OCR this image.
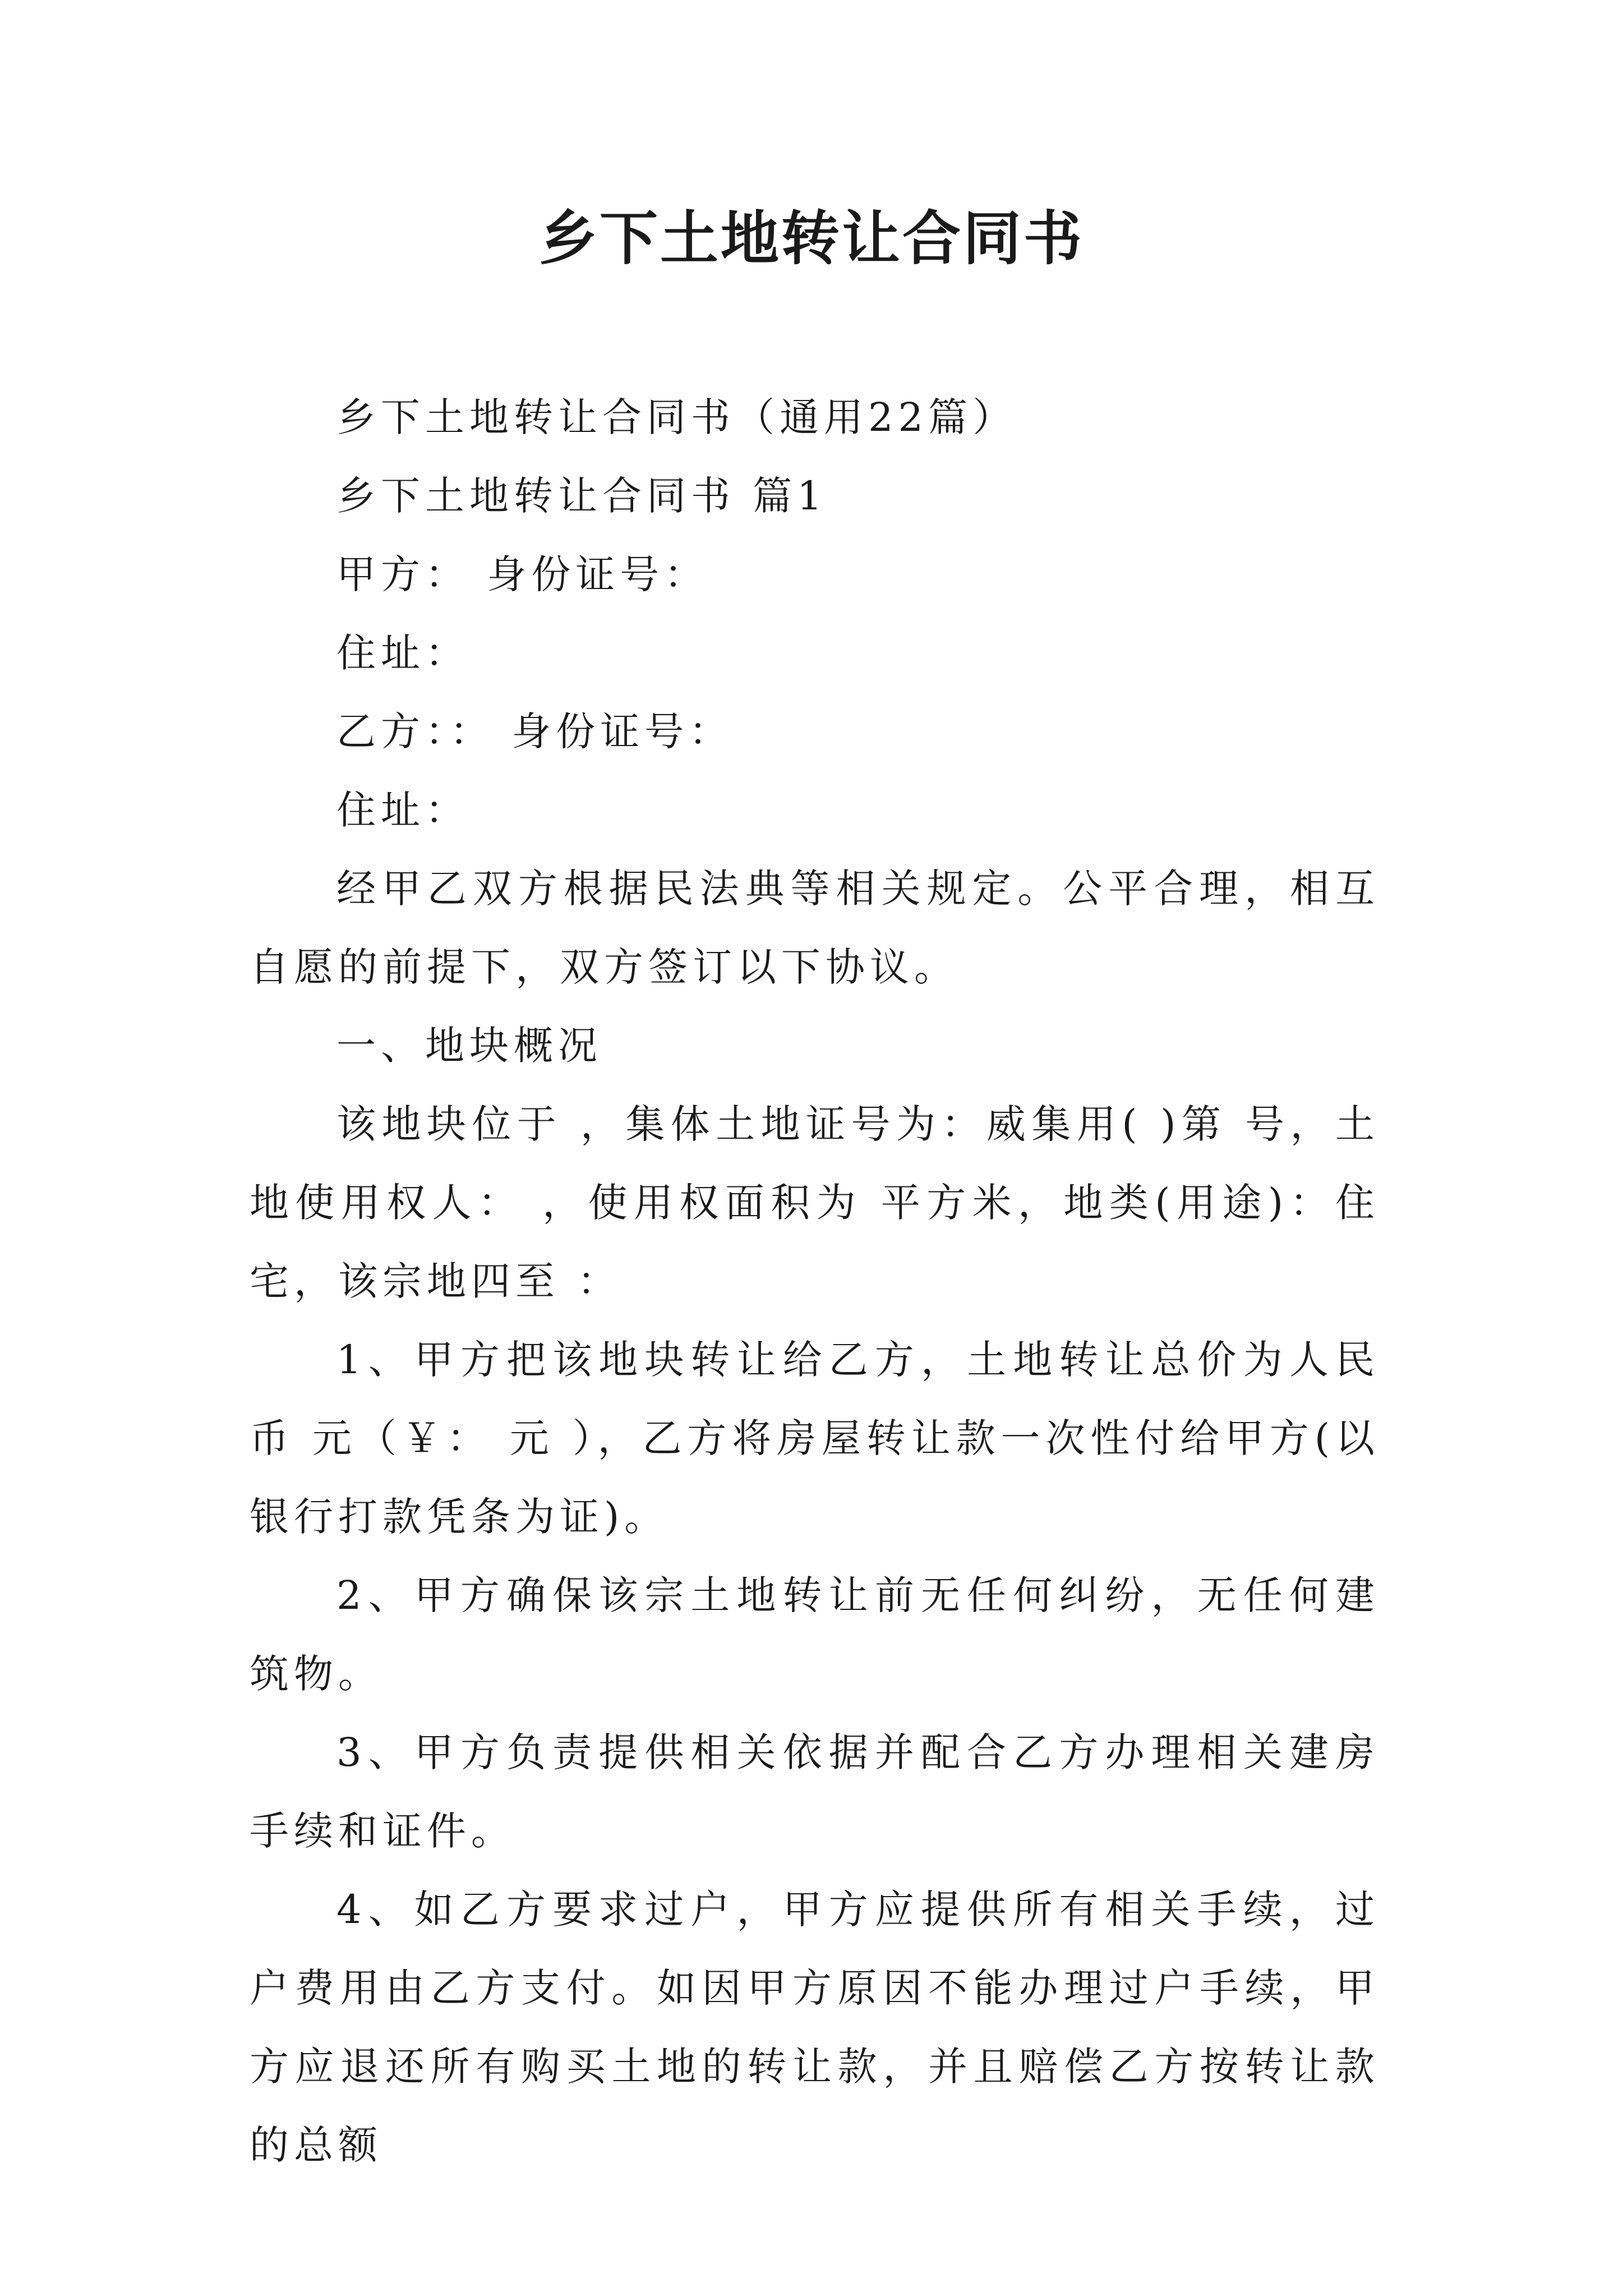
乡下土地转让合同书
乡下土地转让合同书（通用22篇）
乡下土地转让合同书 篇1
甲方： 身份证号：
住址：
乙方：： 身份证号：
住址：
经甲乙双方根据民法典等相关规定。公平合理，相互自愿的前提下，双方签订以下协议。
一、地块概况
该地块位于 ，集体土地证号为：威集用( )第 号，土地使用权人： ，使用权面积为 平方米，地类(用途)：住宅，该宗地四至 ：
1、甲方把该地块转让给乙方，土地转让总价为人民币 元（￥： 元 ），乙方将房屋转让款一次性付给甲方(以银行打款凭条为证)。
2、甲方确保该宗土地转让前无任何纠纷，无任何建筑物。
3、甲方负责提供相关依据并配合乙方办理相关建房手续和证件。
4、如乙方要求过户，甲方应提供所有相关手续，过户费用由乙方支付。如因甲方原因不能办理过户手续，甲方应退还所有购买土地的转让款，并且赔偿乙方按转让款的总额
